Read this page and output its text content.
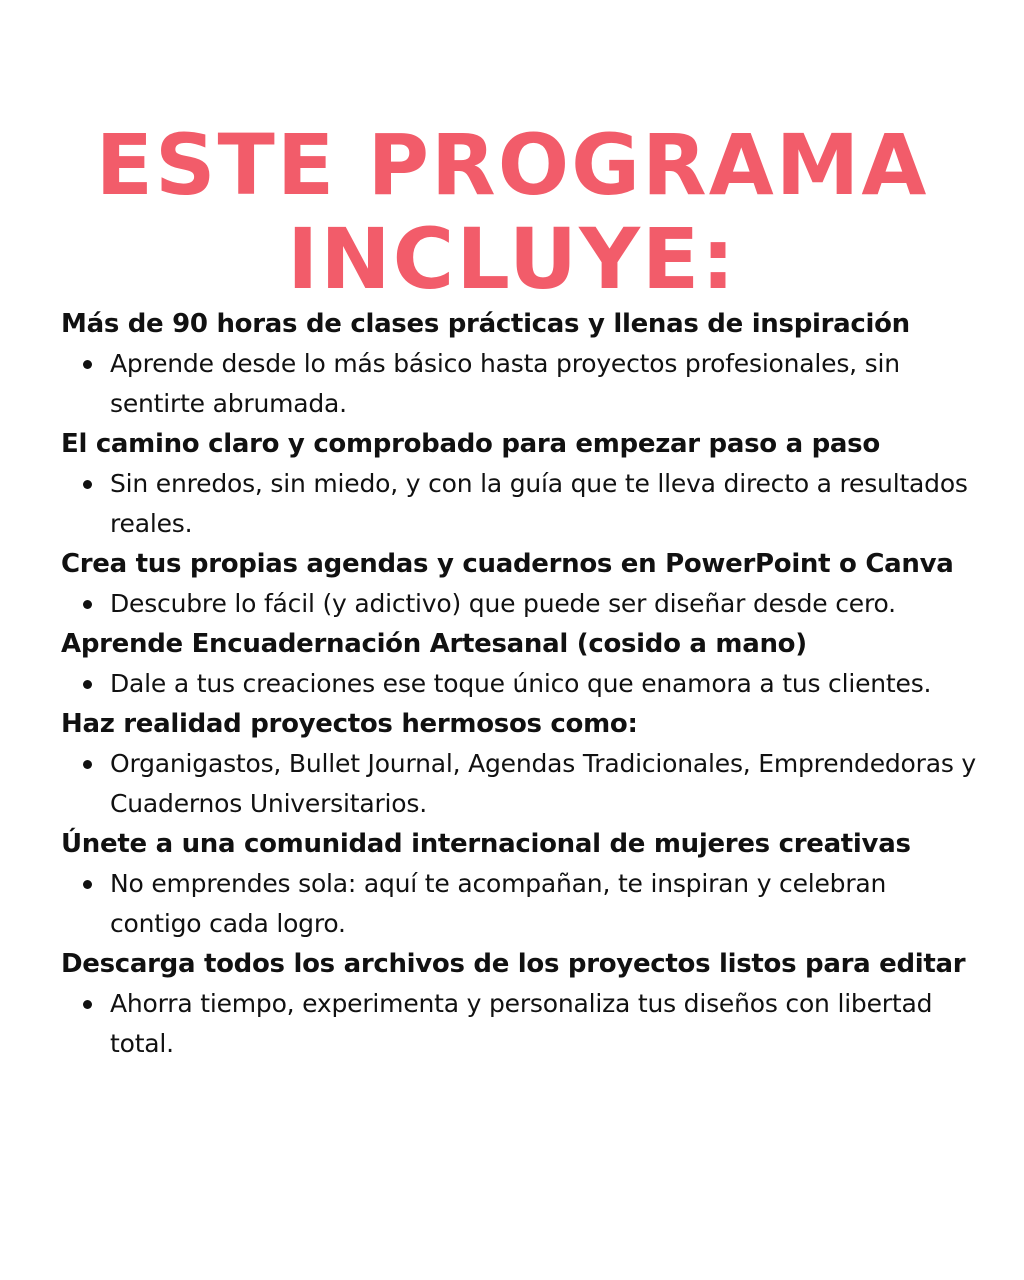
ESTE PROGRAMA
INCLUYE:

Más de 90 horas de clases prácticas y llenas de inspiración

Aprende desde lo más básico hasta proyectos profesionales, sin sentirte abrumada.

El camino claro y comprobado para empezar paso a paso

Sin enredos, sin miedo, y con la guía que te lleva directo a resultados reales.

Crea tus propias agendas y cuadernos en PowerPoint o Canva

Descubre lo fácil (y adictivo) que puede ser diseñar desde cero.

Aprende Encuadernación Artesanal (cosido a mano)

Dale a tus creaciones ese toque único que enamora a tus clientes.

Haz realidad proyectos hermosos como:

Organigastos, Bullet Journal, Agendas Tradicionales, Emprendedoras y Cuadernos Universitarios.

Únete a una comunidad internacional de mujeres creativas

No emprendes sola: aquí te acompañan, te inspiran y celebran contigo cada logro.

Descarga todos los archivos de los proyectos listos para editar

Ahorra tiempo, experimenta y personaliza tus diseños con libertad total.
